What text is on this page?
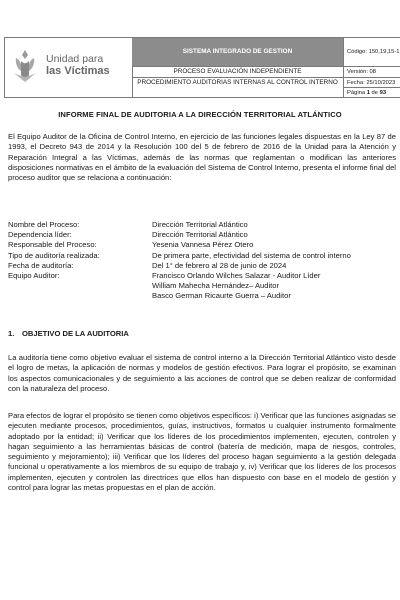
Unidad para
las Víctimas
SISTEMA INTEGRADO DE GESTION
PROCESO EVALUACIÓN INDEPENDIENTE
PROCEDIMIENTO AUDITORIAS INTERNAS AL CONTROL INTERNO
Código: 150,19,15-1
Versión: 08
Fecha: 25/10/2023
Página 1 de 93
INFORME FINAL DE AUDITORIA A LA DIRECCIÓN TERRITORIAL ATLÁNTICO

El Equipo Auditor de la Oficina de Control Interno, en ejercicio de las funciones legales dispuestas en la Ley 87 de 1993, el Decreto 943 de 2014 y la Resolución 100 del 5 de febrero de 2016 de la Unidad para la Atención y Reparación Integral a las Víctimas, además de las normas que reglamentan o modifican las anteriores disposiciones normativas en el ámbito de la evaluación del Sistema de Control Interno, presenta el informe final del proceso auditor que se relaciona a continuación:

Nombre del Proceso:	Dirección Territorial Atlántico
Dependencia líder:	Dirección Territorial Atlántico
Responsable del Proceso:	Yesenia Vannesa Pérez Otero
Tipo de auditoría realizada:	De primera parte, efectividad del sistema de control interno
Fecha de auditoría:	Del 1° de febrero al 28 de junio de 2024
Equipo Auditor:	Francisco Orlando Wilches Salazar - Auditor Líder
William Mahecha Hernández– Auditor
Basco German Ricaurte Guerra – Auditor
1. OBJETIVO DE LA AUDITORIA

La auditoría tiene como objetivo evaluar el sistema de control interno a la Dirección Territorial Atlántico visto desde el logro de metas, la aplicación de normas y modelos de gestión efectivos. Para lograr el propósito, se examinan los aspectos comunicacionales y de seguimiento a las acciones de control que se deben realizar de conformidad con la naturaleza del proceso.

Para efectos de lograr el propósito se tienen como objetivos específicos: i) Verificar que las funciones asignadas se ejecuten mediante procesos, procedimientos, guías, instructivos, formatos u cualquier instrumento formalmente adoptado por la entidad; ii) Verificar que los líderes de los procedimientos implementen, ejecuten, controlen y hagan seguimiento a las herramientas básicas de control (batería de medición, mapa de riesgos, controles, seguimiento y mejoramiento); iii) Verificar que los líderes del proceso hagan seguimiento a la gestión delegada funcional u operativamente a los miembros de su equipo de trabajo y, iv) Verificar que los líderes de los procesos implementen, ejecuten y controlen las directrices que ellos han dispuesto con base en el modelo de gestión y control para lograr las metas propuestas en el plan de acción.
